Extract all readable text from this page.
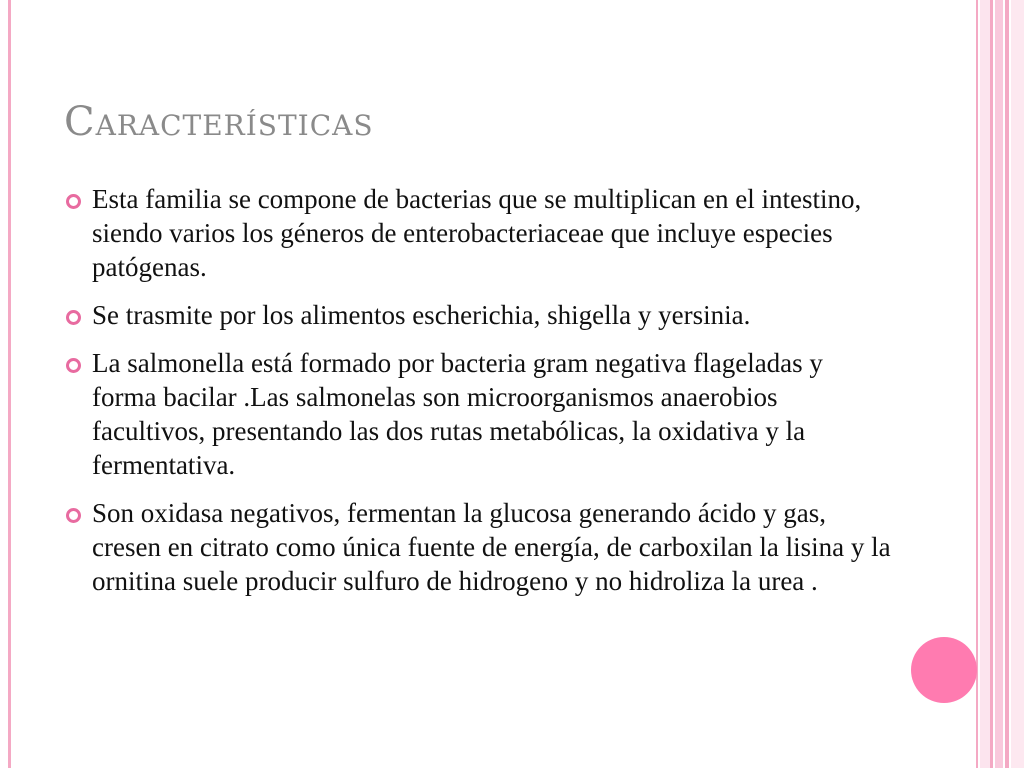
Características
Esta familia se compone de bacterias que se multiplican en el intestino, siendo varios los géneros de enterobacteriaceae que incluye especies patógenas.
Se trasmite por los alimentos escherichia, shigella y yersinia.
La salmonella está formado por bacteria gram negativa flageladas y forma bacilar .Las salmonelas son microorganismos anaerobios facultivos, presentando las dos rutas metabólicas, la oxidativa y la fermentativa.
Son oxidasa negativos, fermentan la glucosa generando ácido y gas, cresen en citrato como única fuente de energía, de carboxilan la lisina y la ornitina suele producir sulfuro de hidrogeno y no hidroliza la urea .
